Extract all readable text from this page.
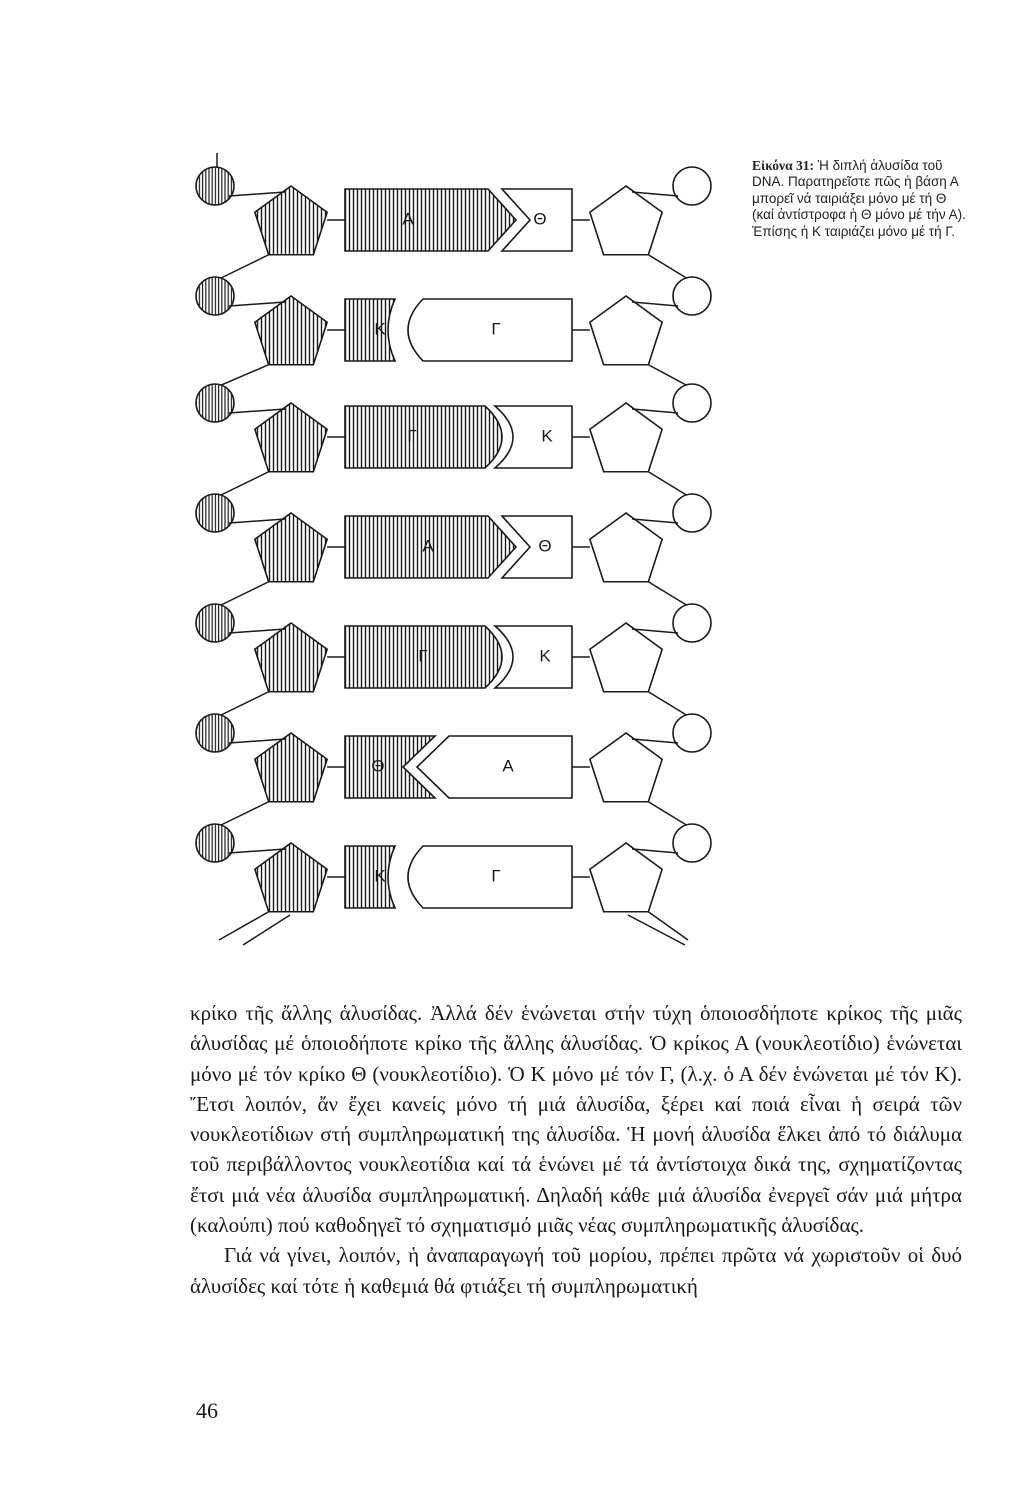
Α	Θ
Κ	Γ
Γ	Κ
Α	Θ
Γ	Κ
Θ	Α
Κ	Γ
Εἰκόνα 31: Ἡ διπλή ἁλυσίδα τοῦ DNA. Παρατηρεῖστε πῶς ἡ βάση Α μπορεῖ νά ταιριάξει μόνο μέ τή Θ (καί ἀντίστροφα ἡ Θ μόνο μέ τήν Α). Ἐπίσης ἡ Κ ταιριάζει μόνο μέ τή Γ.

κρίκο τῆς ἄλλης ἁλυσίδας. Ἀλλά δέν ἑνώνεται στήν τύχη ὁποιοσδήποτε κρίκος τῆς μιᾶς ἁλυσίδας μέ ὁποιοδήποτε κρίκο τῆς ἄλλης ἁλυσίδας. Ὁ κρίκος Α (νουκλεοτίδιο) ἑνώνεται μόνο μέ τόν κρίκο Θ (νουκλεοτίδιο). Ὁ Κ μόνο μέ τόν Γ, (λ.χ. ὁ Α δέν ἑνώνεται μέ τόν Κ). Ἔτσι λοιπόν, ἄν ἔχει κανείς μόνο τή μιά ἁλυσίδα, ξέρει καί ποιά εἶναι ἡ σειρά τῶν νουκλεοτίδιων στή συμπληρωματική της ἁλυσίδα. Ἡ μονή ἁλυσίδα ἕλκει ἀπό τό διάλυμα τοῦ περιβάλλοντος νουκλεοτίδια καί τά ἑνώνει μέ τά ἀντίστοιχα δικά της, σχηματίζοντας ἔτσι μιά νέα ἁλυσίδα συμπληρωματική. Δηλαδή κάθε μιά ἁλυσίδα ἐνεργεῖ σάν μιά μήτρα (καλούπι) πού καθοδηγεῖ τό σχηματισμό μιᾶς νέας συμπληρωματικῆς ἁλυσίδας.

Γιά νά γίνει, λοιπόν, ἡ ἀναπαραγωγή τοῦ μορίου, πρέπει πρῶτα νά χωριστοῦν οἱ δυό ἁλυσίδες καί τότε ἡ καθεμιά θά φτιάξει τή συμπληρωματική

46
